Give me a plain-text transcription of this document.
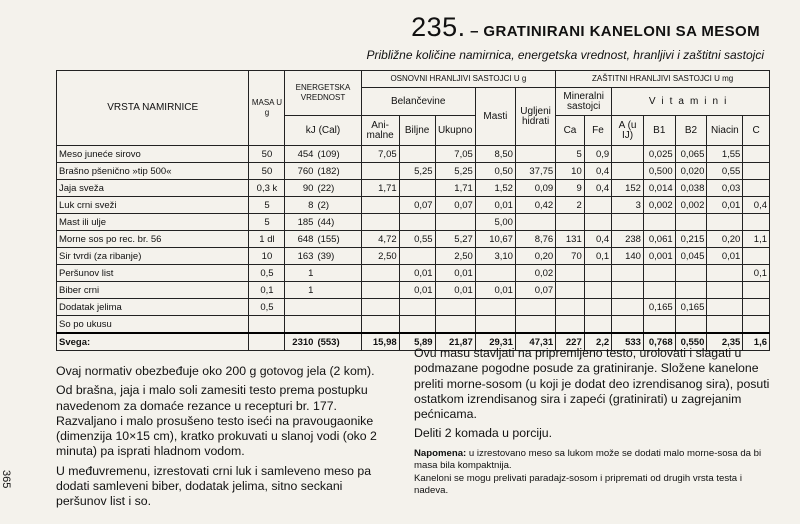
235. – GRATINIRANI KANELONI SA MESOM
Približne količine namirnica, energetska vrednost, hranljivi i zaštitni sastojci
VRSTA NAMIRNICE	MASA U g	ENERGETSKA VREDNOST	OSNOVNI HRANLJIVI SASTOJCI U g					ZAŠTITNI HRANLJIVI SASTOJCI U mg						
			Belančevine			Masti	Ugljeni hidrati	Mineralni sastojci		Vitamini				
		kJ (Cal)	Ani- malne	Biljne	Ukupno			Ca	Fe	A (u IJ)	B1	B2	Niacin	C
Meso juneće sirovo	50	454 (109)	7,05		7,05	8,50		5	0,9		0,025	0,065	1,55	
Brašno pšenično »tip 500«	50	760 (182)		5,25	5,25	0,50	37,75	10	0,4		0,500	0,020	0,55	
Jaja sveža	0,3 k	90 (22)	1,71		1,71	1,52	0,09	9	0,4	152	0,014	0,038	0,03	
Luk crni sveži	5	8 (2)		0,07	0,07	0,01	0,42	2		3	0,002	0,002	0,01	0,4
Mast ili ulje	5	185 (44)				5,00								
Morne sos po rec. br. 56	1 dl	648 (155)	4,72	0,55	5,27	10,67	8,76	131	0,4	238	0,061	0,215	0,20	1,1
Sir tvrdi (za ribanje)	10	163 (39)	2,50		2,50	3,10	0,20	70	0,1	140	0,001	0,045	0,01	
Peršunov list	0,5	1		0,01	0,01		0,02							0,1
Biber crni	0,1	1		0,01	0,01	0,01	0,07							
Dodatak jelima	0,5										0,165	0,165		
So po ukusu														
Svega:		2310 (553)	15,98	5,89	21,87	29,31	47,31	227	2,2	533	0,768	0,550	2,35	1,6

Ovaj normativ obezbeđuje oko 200 g gotovog jela (2 kom).

Od brašna, jaja i malo soli zamesiti testo prema postupku navedenom za domaće rezance u recepturi br. 177. Razvaljano i malo prosušeno testo iseći na pravougaonike (dimenzija 10×15 cm), kratko prokuvati u slanoj vodi (oko 2 minuta) pa isprati hladnom vodom.

U međuvremenu, izrestovati crni luk i samleveno meso pa dodati samleveni biber, dodatak jelima, sitno seckani peršunov list i so.

Ovu masu stavljati na pripremljeno testo, urolovati i slagati u podmazane pogodne posude za gratiniranje. Složene kanelone preliti morne-sosom (u koji je dodat deo izrendisanog sira), posuti ostatkom izrendisanog sira i zapeći (gratinirati) u zagrejanim pećnicama.

Deliti 2 komada u porciju.

Napomena: u izrestovano meso sa lukom može se dodati malo morne-sosa da bi masa bila kompaktnija.
Kaneloni se mogu prelivati paradajz-sosom i pripremati od drugih vrsta testa i nadeva.

365
